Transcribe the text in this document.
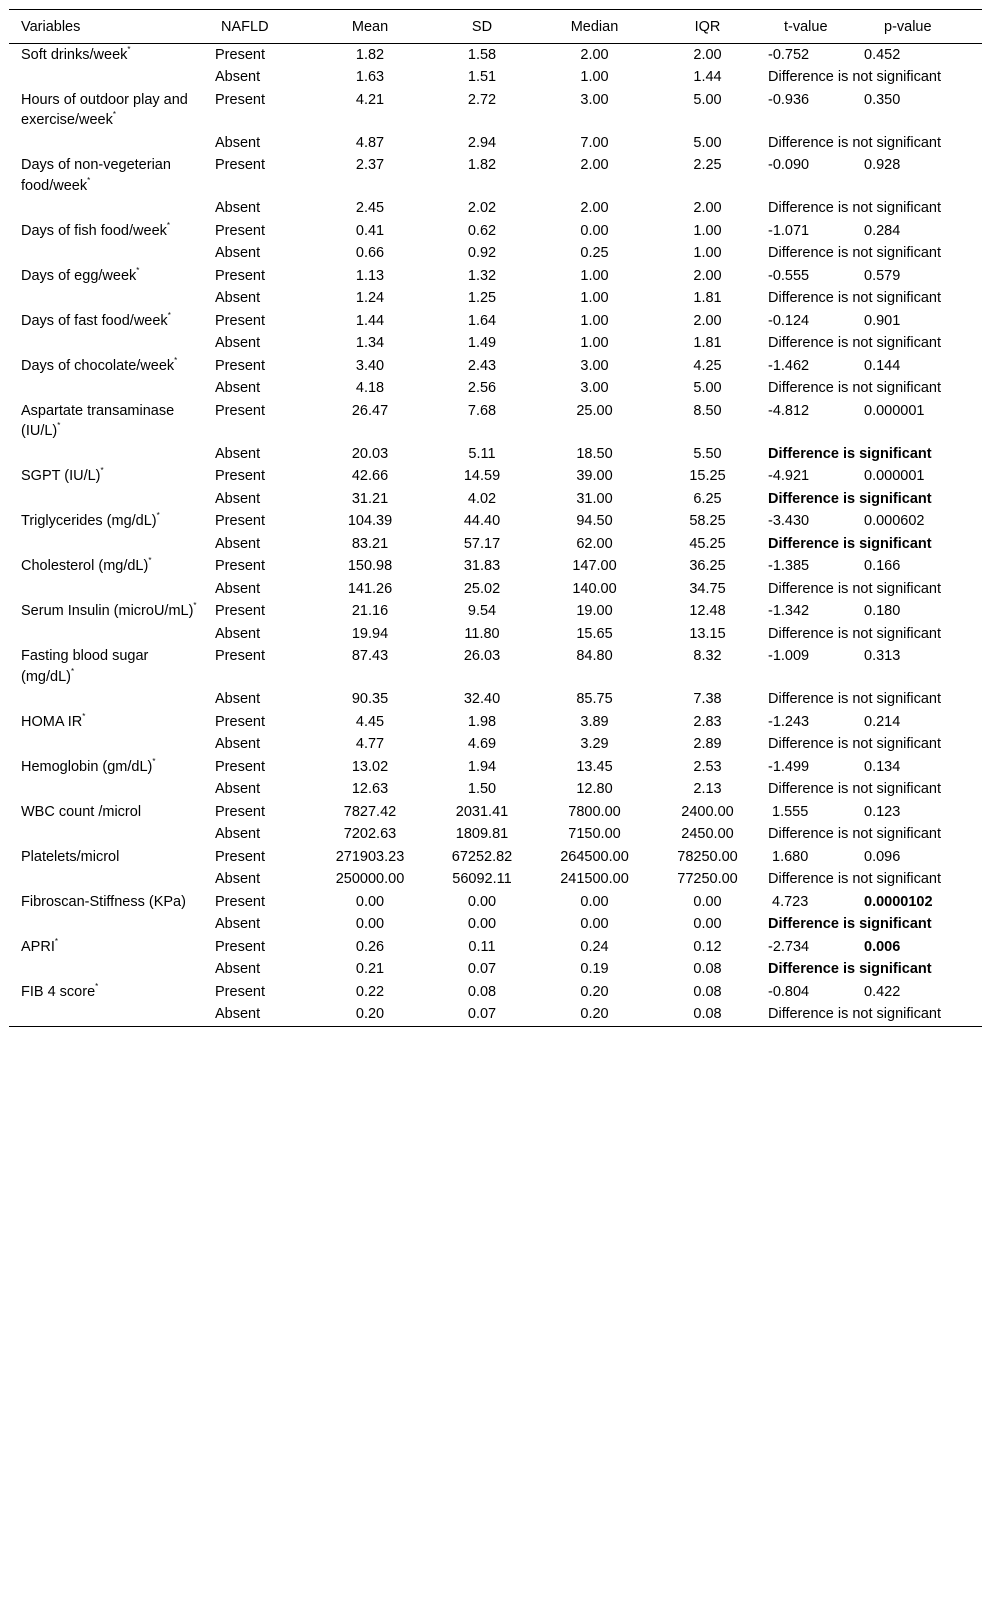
Variables	NAFLD	Mean	SD	Median	IQR	t-value p-value
Soft drinks/week*	Present	1.82	1.58	2.00	2.00	-0.752 0.452
	Absent	1.63	1.51	1.00	1.44	Difference is not significant
Hours of outdoor play and exercise/week*	Present	4.21	2.72	3.00	5.00	-0.936 0.350
	Absent	4.87	2.94	7.00	5.00	Difference is not significant
Days of non-vegeterian food/week*	Present	2.37	1.82	2.00	2.25	-0.090 0.928
	Absent	2.45	2.02	2.00	2.00	Difference is not significant
Days of fish food/week*	Present	0.41	0.62	0.00	1.00	-1.071 0.284
	Absent	0.66	0.92	0.25	1.00	Difference is not significant
Days of egg/week*	Present	1.13	1.32	1.00	2.00	-0.555 0.579
	Absent	1.24	1.25	1.00	1.81	Difference is not significant
Days of fast food/week*	Present	1.44	1.64	1.00	2.00	-0.124 0.901
	Absent	1.34	1.49	1.00	1.81	Difference is not significant
Days of chocolate/week*	Present	3.40	2.43	3.00	4.25	-1.462 0.144
	Absent	4.18	2.56	3.00	5.00	Difference is not significant
Aspartate transaminase (IU/L)*	Present	26.47	7.68	25.00	8.50	-4.812 0.000001
	Absent	20.03	5.11	18.50	5.50	Difference is significant
SGPT (IU/L)*	Present	42.66	14.59	39.00	15.25	-4.921 0.000001
	Absent	31.21	4.02	31.00	6.25	Difference is significant
Triglycerides (mg/dL)*	Present	104.39	44.40	94.50	58.25	-3.430 0.000602
	Absent	83.21	57.17	62.00	45.25	Difference is significant
Cholesterol (mg/dL)*	Present	150.98	31.83	147.00	36.25	-1.385 0.166
	Absent	141.26	25.02	140.00	34.75	Difference is not significant
Serum Insulin (microU/mL)*	Present	21.16	9.54	19.00	12.48	-1.342 0.180
	Absent	19.94	11.80	15.65	13.15	Difference is not significant
Fasting blood sugar (mg/dL)*	Present	87.43	26.03	84.80	8.32	-1.009 0.313
	Absent	90.35	32.40	85.75	7.38	Difference is not significant
HOMA IR*	Present	4.45	1.98	3.89	2.83	-1.243 0.214
	Absent	4.77	4.69	3.29	2.89	Difference is not significant
Hemoglobin (gm/dL)*	Present	13.02	1.94	13.45	2.53	-1.499 0.134
	Absent	12.63	1.50	12.80	2.13	Difference is not significant
WBC count /microl	Present	7827.42	2031.41	7800.00	2400.00	1.555 0.123
	Absent	7202.63	1809.81	7150.00	2450.00	Difference is not significant
Platelets/microl	Present	271903.23	67252.82	264500.00	78250.00	1.680 0.096
	Absent	250000.00	56092.11	241500.00	77250.00	Difference is not significant
Fibroscan-Stiffness (KPa)	Present	0.00	0.00	0.00	0.00	4.723 0.0000102
	Absent	0.00	0.00	0.00	0.00	Difference is significant
APRI*	Present	0.26	0.11	0.24	0.12	-2.734 0.006
	Absent	0.21	0.07	0.19	0.08	Difference is significant
FIB 4 score*	Present	0.22	0.08	0.20	0.08	-0.804 0.422
	Absent	0.20	0.07	0.20	0.08	Difference is not significant
